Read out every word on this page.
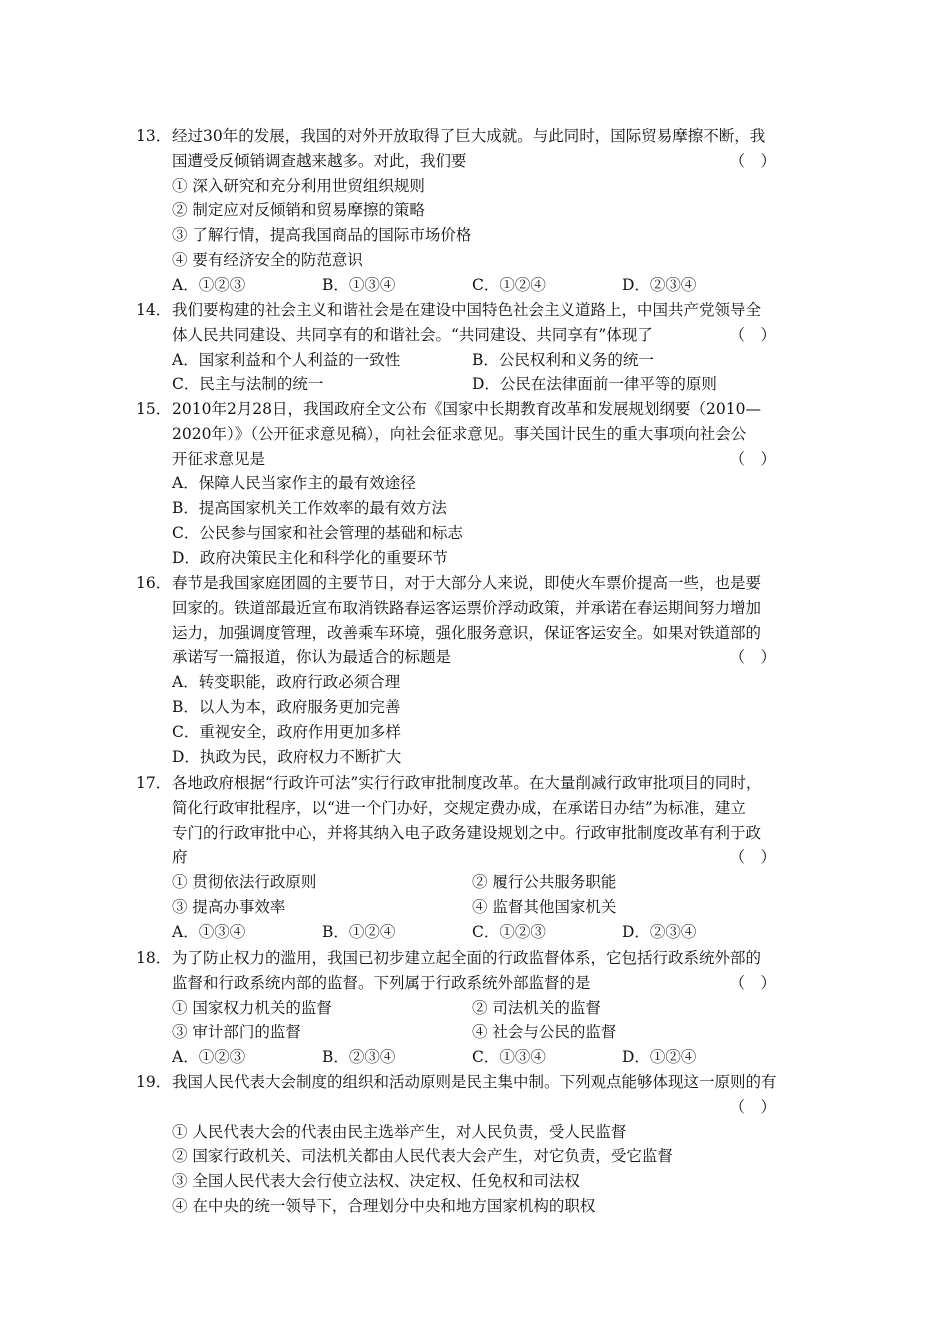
13． 经过30年的发展，我国的对外开放取得了巨大成就。与此同时，国际贸易摩擦不断，我
国遭受反倾销调查越来越多。对此，我们要	（　）
① 深入研究和充分利用世贸组织规则
② 制定应对反倾销和贸易摩擦的策略
③ 了解行情，提高我国商品的国际市场价格
④ 要有经济安全的防范意识
A．①②③	B．①③④	C．①②④	D．②③④
14． 我们要构建的社会主义和谐社会是在建设中国特色社会主义道路上，中国共产党领导全
体人民共同建设、共同享有的和谐社会。“共同建设、共同享有”体现了	（　）
A．国家利益和个人利益的一致性	B．公民权利和义务的统一
C．民主与法制的统一	D．公民在法律面前一律平等的原则
15． 2010年2月28日，我国政府全文公布《国家中长期教育改革和发展规划纲要（2010—
2020年）》（公开征求意见稿），向社会征求意见。事关国计民生的重大事项向社会公
开征求意见是	（　）
A．保障人民当家作主的最有效途径
B．提高国家机关工作效率的最有效方法
C．公民参与国家和社会管理的基础和标志
D．政府决策民主化和科学化的重要环节
16． 春节是我国家庭团圆的主要节日，对于大部分人来说，即使火车票价提高一些，也是要
回家的。铁道部最近宣布取消铁路春运客运票价浮动政策，并承诺在春运期间努力增加
运力，加强调度管理，改善乘车环境，强化服务意识，保证客运安全。如果对铁道部的
承诺写一篇报道，你认为最适合的标题是	（　）
A．转变职能，政府行政必须合理
B．以人为本，政府服务更加完善
C．重视安全，政府作用更加多样
D．执政为民，政府权力不断扩大
17． 各地政府根据“行政许可法”实行行政审批制度改革。在大量削减行政审批项目的同时，
简化行政审批程序，以“进一个门办好，交规定费办成，在承诺日办结”为标准，建立
专门的行政审批中心，并将其纳入电子政务建设规划之中。行政审批制度改革有利于政
府	（　）
① 贯彻依法行政原则	② 履行公共服务职能
③ 提高办事效率	④ 监督其他国家机关
A．①③④	B．①②④	C．①②③	D．②③④
18． 为了防止权力的滥用，我国已初步建立起全面的行政监督体系，它包括行政系统外部的
监督和行政系统内部的监督。下列属于行政系统外部监督的是	（　）
① 国家权力机关的监督	② 司法机关的监督
③ 审计部门的监督	④ 社会与公民的监督
A．①②③	B．②③④	C．①③④	D．①②④
19． 我国人民代表大会制度的组织和活动原则是民主集中制。下列观点能够体现这一原则的有
（　）
① 人民代表大会的代表由民主选举产生，对人民负责，受人民监督
② 国家行政机关、司法机关都由人民代表大会产生，对它负责，受它监督
③ 全国人民代表大会行使立法权、决定权、任免权和司法权
④ 在中央的统一领导下，合理划分中央和地方国家机构的职权
